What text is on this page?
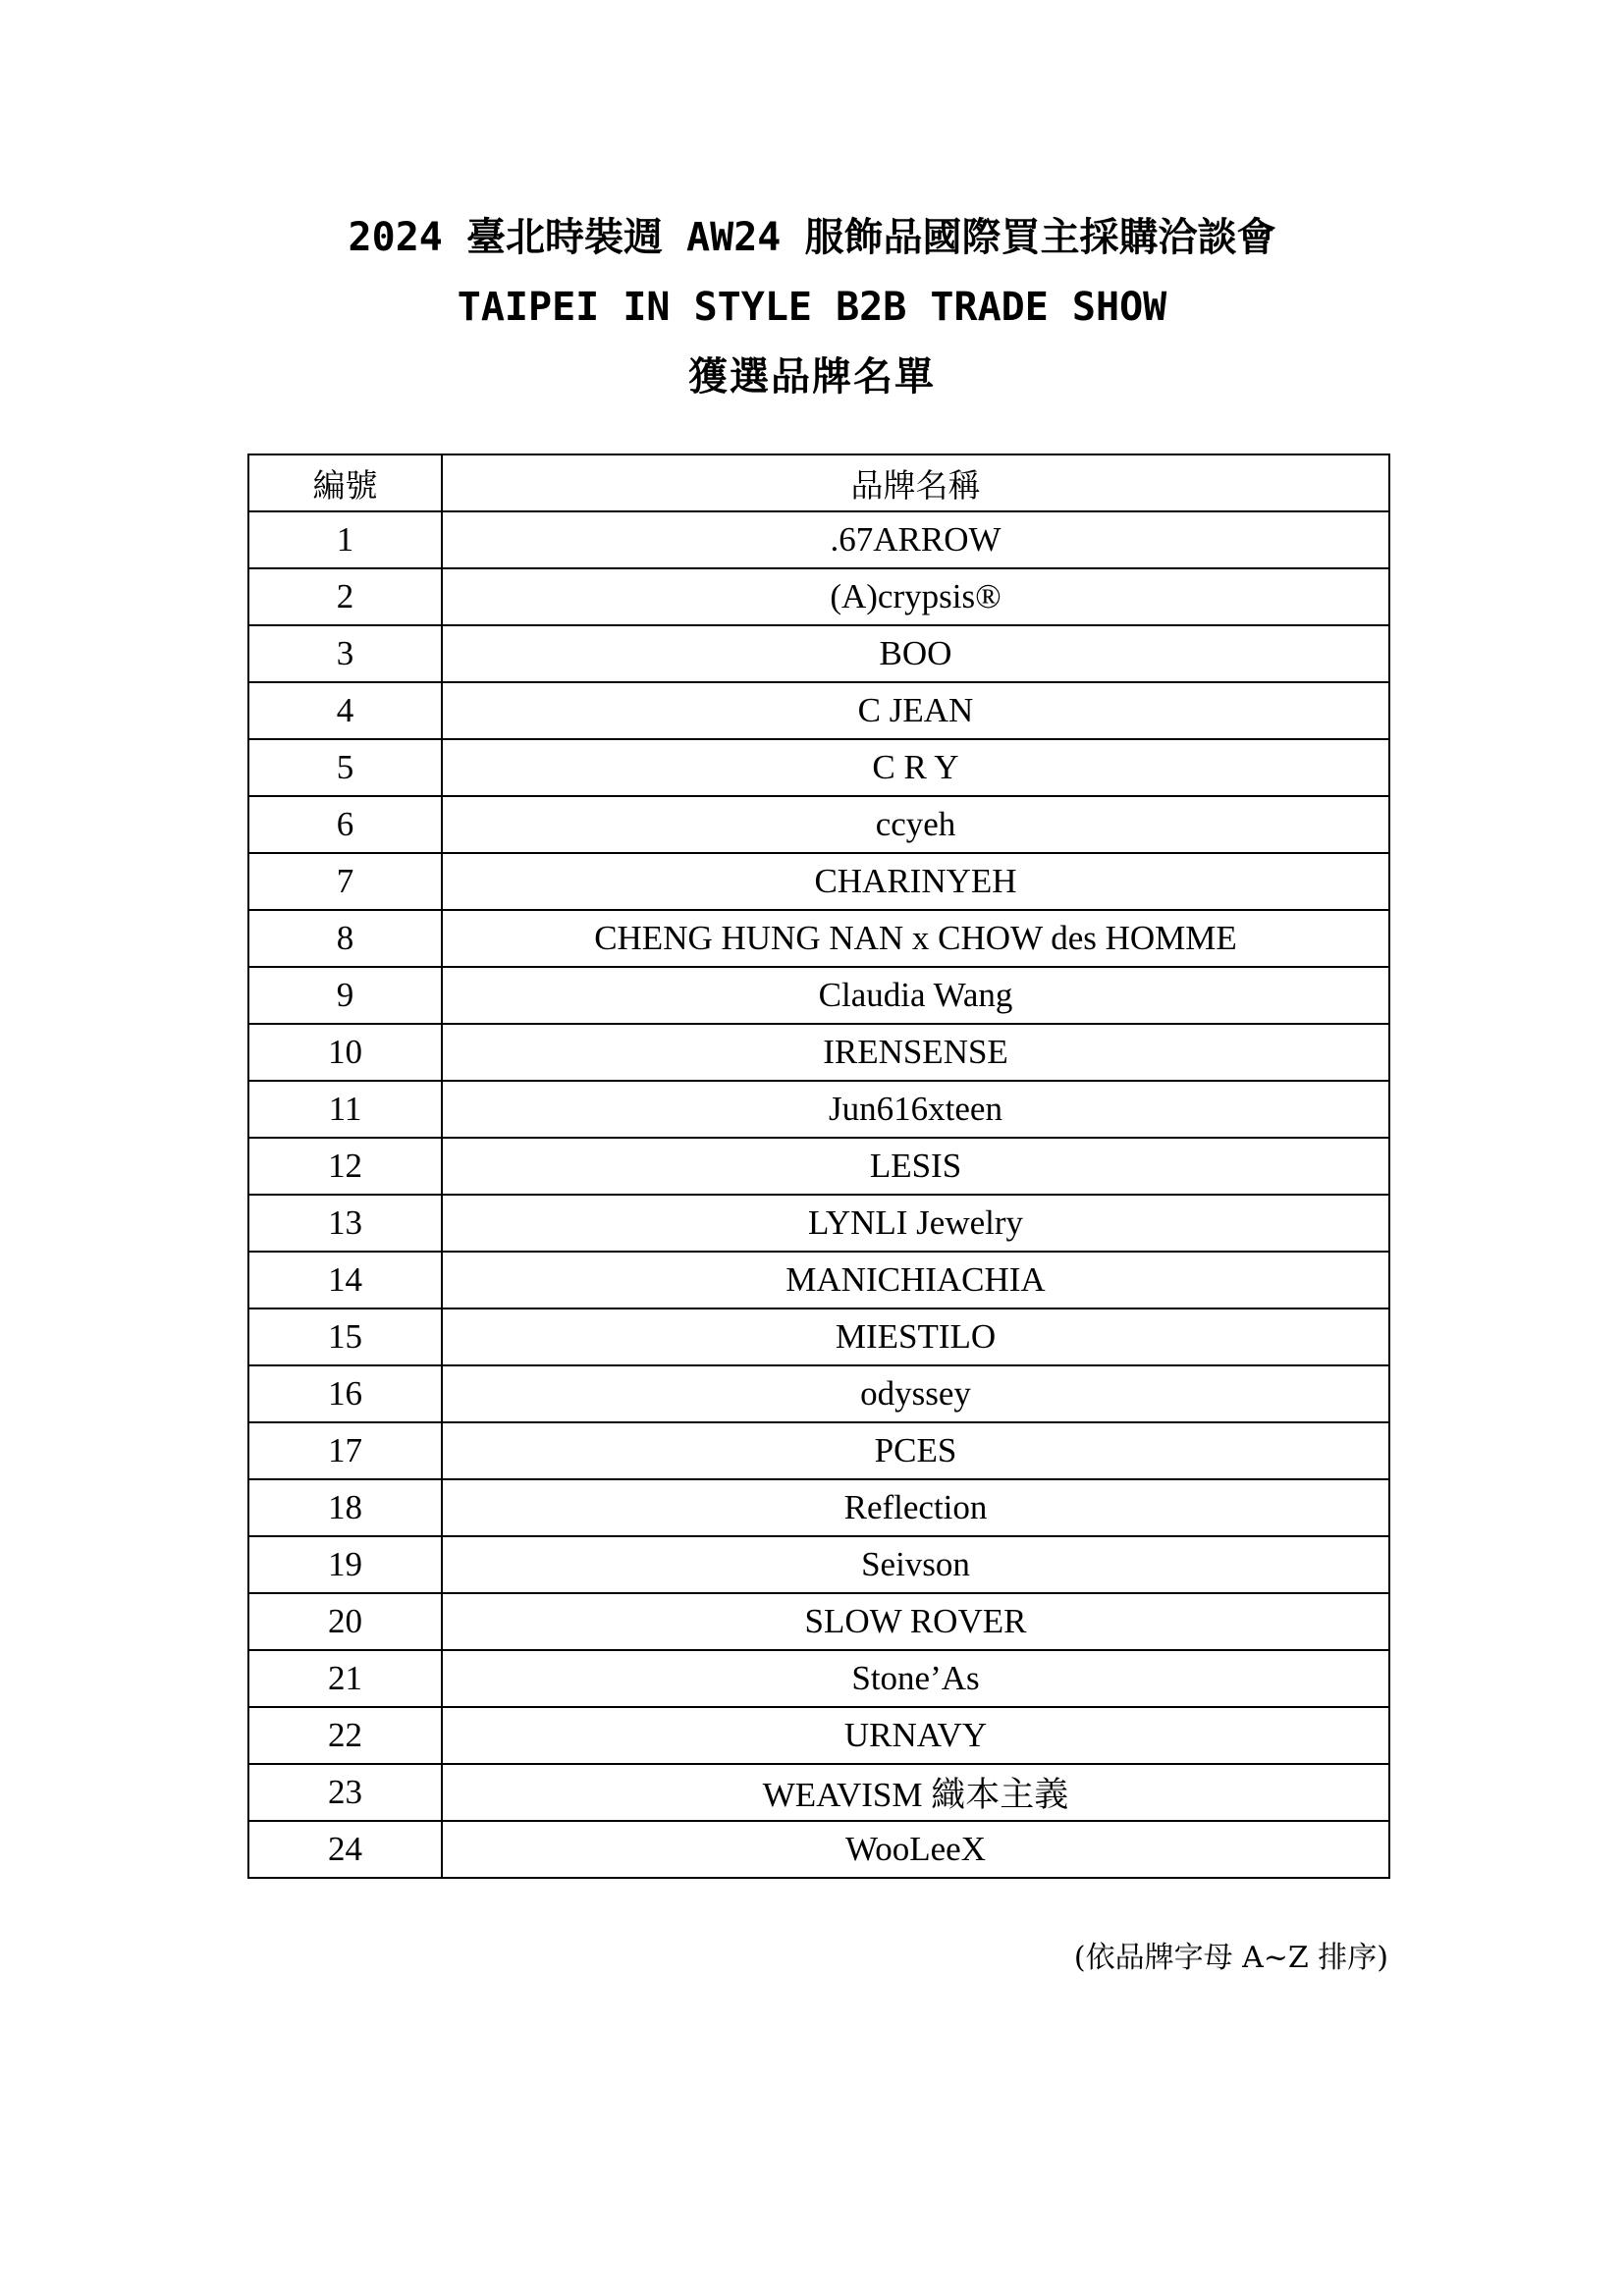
2024 臺北時裝週 AW24 服飾品國際買主採購洽談會
TAIPEI IN STYLE B2B TRADE SHOW
獲選品牌名單
編號	品牌名稱
1	.67ARROW
2	(A)crypsis®
3	BOO
4	C JEAN
5	C R Y
6	ccyeh
7	CHARINYEH
8	CHENG HUNG NAN x CHOW des HOMME
9	Claudia Wang
10	IRENSENSE
11	Jun616xteen
12	LESIS
13	LYNLI Jewelry
14	MANICHIACHIA
15	MIESTILO
16	odyssey
17	PCES
18	Reflection
19	Seivson
20	SLOW ROVER
21	Stone’As
22	URNAVY
23	WEAVISM 織本主義
24	WooLeeX

(依品牌字母 A~Z 排序)
